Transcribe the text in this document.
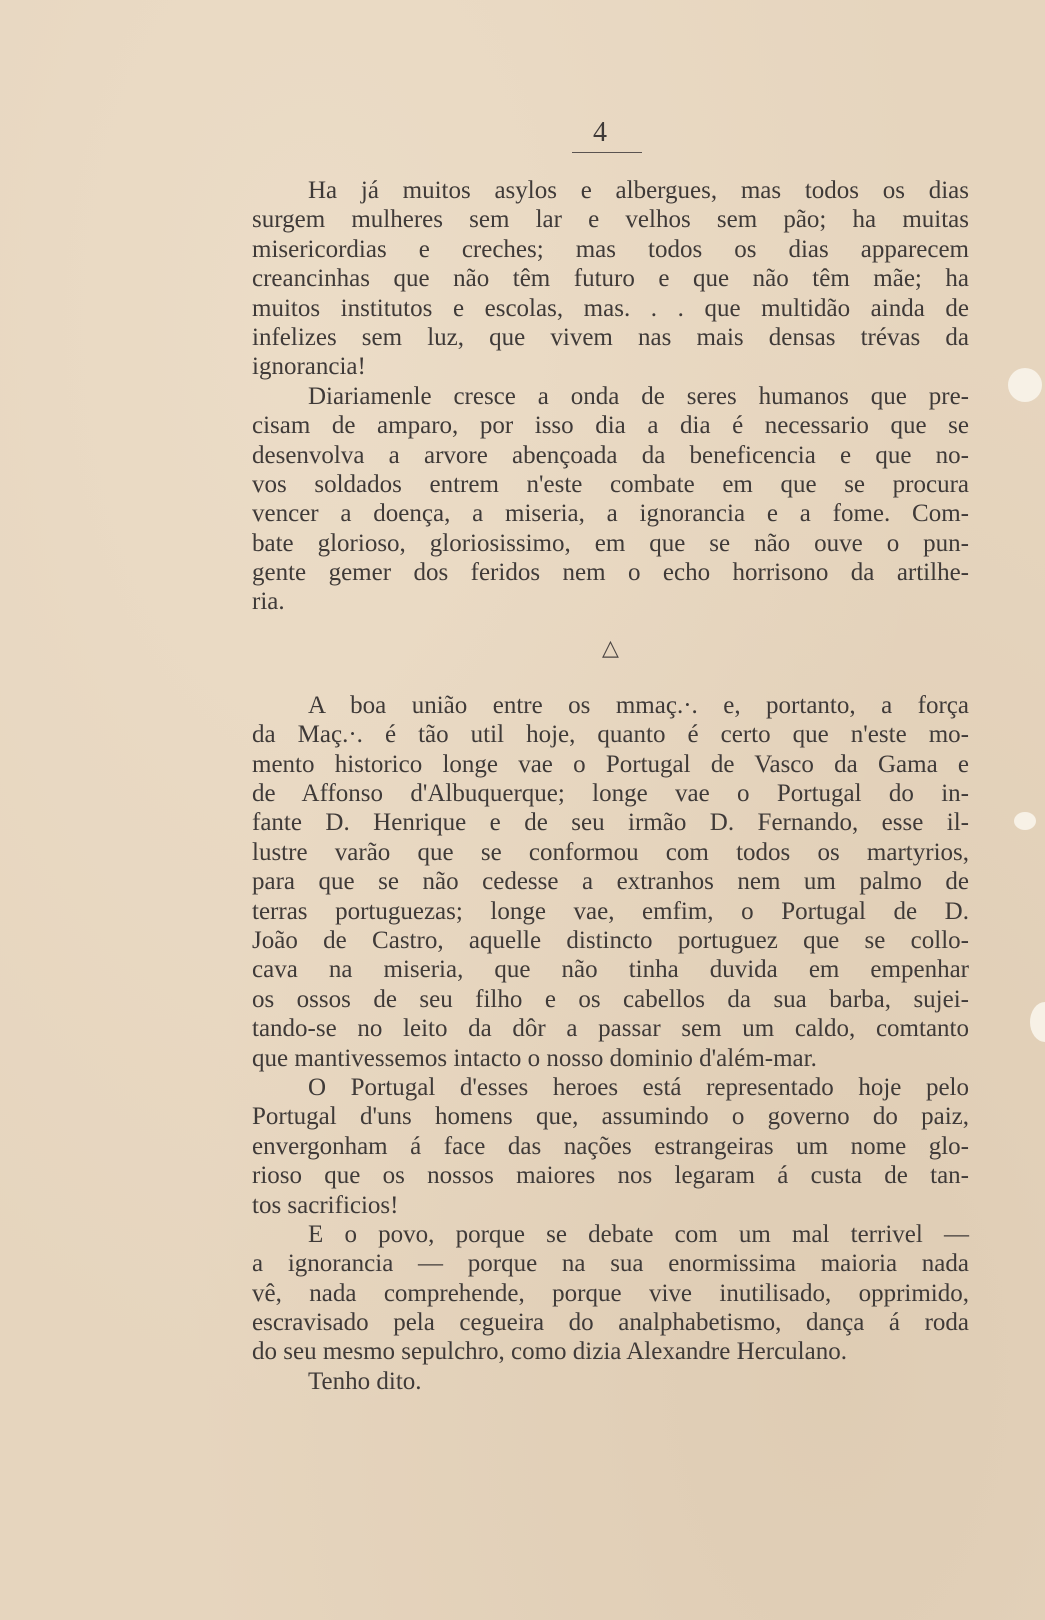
4
Ha já muitos asylos e albergues, mas todos os dias
surgem mulheres sem lar e velhos sem pão; ha muitas
misericordias e creches; mas todos os dias apparecem
creancinhas que não têm futuro e que não têm mãe; ha
muitos institutos e escolas, mas. . . que multidão ainda de
infelizes sem luz, que vivem nas mais densas trévas da
ignorancia!
Diariamenle cresce a onda de seres humanos que pre-
cisam de amparo, por isso dia a dia é necessario que se
desenvolva a arvore abençoada da beneficencia e que no-
vos soldados entrem n'este combate em que se procura
vencer a doença, a miseria, a ignorancia e a fome. Com-
bate glorioso, gloriosissimo, em que se não ouve o pun-
gente gemer dos feridos nem o echo horrisono da artilhe-
ria.
△
A boa união entre os mmaç.·. e, portanto, a força
da Maç.·. é tão util hoje, quanto é certo que n'este mo-
mento historico longe vae o Portugal de Vasco da Gama e
de Affonso d'Albuquerque; longe vae o Portugal do in-
fante D. Henrique e de seu irmão D. Fernando, esse il-
lustre varão que se conformou com todos os martyrios,
para que se não cedesse a extranhos nem um palmo de
terras portuguezas; longe vae, emfim, o Portugal de D.
João de Castro, aquelle distincto portuguez que se collo-
cava na miseria, que não tinha duvida em empenhar
os ossos de seu filho e os cabellos da sua barba, sujei-
tando-se no leito da dôr a passar sem um caldo, comtanto
que mantivessemos intacto o nosso dominio d'além-mar.
O Portugal d'esses heroes está representado hoje pelo
Portugal d'uns homens que, assumindo o governo do paiz,
envergonham á face das nações estrangeiras um nome glo-
rioso que os nossos maiores nos legaram á custa de tan-
tos sacrificios!
E o povo, porque se debate com um mal terrivel —
a ignorancia — porque na sua enormissima maioria nada
vê, nada comprehende, porque vive inutilisado, opprimido,
escravisado pela cegueira do analphabetismo, dança á roda
do seu mesmo sepulchro, como dizia Alexandre Herculano.
Tenho dito.
